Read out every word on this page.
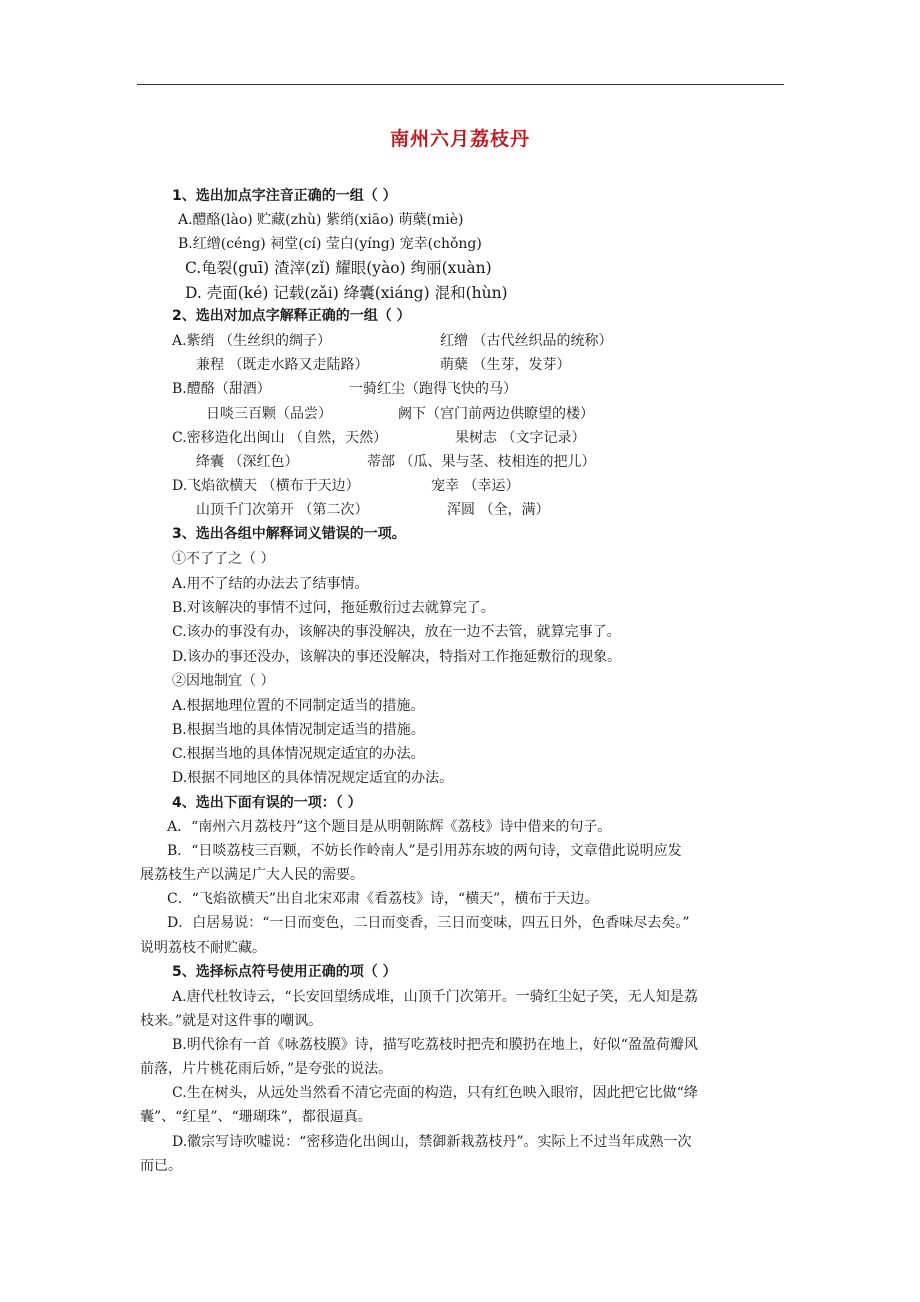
南州六月荔枝丹
1、选出加点字注音正确的一组（ ）
A.醴酪(lào) 贮藏(zhù) 紫绡(xiāo) 萌蘖(miè)
B.红缯(céng) 祠堂(cí) 莹白(yíng) 宠幸(chǒng)
C.龟裂(guī) 渣滓(zǐ) 耀眼(yào) 绚丽(xuàn)
D. 壳面(ké) 记载(zǎi) 绛囊(xiáng) 混和(hùn)
2、选出对加点字解释正确的一组（ ）
A.紫绡 （生丝织的绸子）	红缯 （古代丝织品的统称）
兼程 （既走水路又走陆路）	萌蘖 （生芽，发芽）
B.醴酪（甜酒）	一骑红尘（跑得飞快的马）
日啖三百颗（品尝）	阙下（宫门前两边供瞭望的楼）
C.密移造化出闽山 （自然，天然）	果树志 （文字记录）
绛囊 （深红色）	蒂部 （瓜、果与茎、枝相连的把儿）
D.飞焰欲横天 （横布于天边）	宠幸 （幸运）
山顶千门次第开 （第二次）	浑圆 （全，满）
3、选出各组中解释词义错误的一项。
①不了了之（ ）
A.用不了结的办法去了结事情。
B.对该解决的事情不过问，拖延敷衍过去就算完了。
C.该办的事没有办，该解决的事没解决，放在一边不去管，就算完事了。
D.该办的事还没办，该解决的事还没解决，特指对工作拖延敷衍的现象。
②因地制宜（ ）
A.根据地理位置的不同制定适当的措施。
B.根据当地的具体情况制定适当的措施。
C.根据当地的具体情况规定适宜的办法。
D.根据不同地区的具体情况规定适宜的办法。
4、选出下面有误的一项：（ ）
A．“南州六月荔枝丹”这个题目是从明朝陈辉《荔枝》诗中借来的句子。
B．“日啖荔枝三百颗，不妨长作岭南人”是引用苏东坡的两句诗，文章借此说明应发
展荔枝生产以满足广大人民的需要。
C．“飞焰欲横天”出自北宋邓肃《看荔枝》诗，“横天”，横布于天边。
D．白居易说：“一日而变色，二日而变香，三日而变味，四五日外，色香味尽去矣。”
说明荔枝不耐贮藏。
5、选择标点符号使用正确的项（ ）
A.唐代杜牧诗云，“长安回望绣成堆，山顶千门次第开。一骑红尘妃子笑，无人知是荔
枝来。”就是对这件事的嘲讽。
B.明代徐有一首《咏荔枝膜》诗，描写吃荔枝时把壳和膜扔在地上，好似“盈盈荷瓣风
前落，片片桃花雨后娇，”是夸张的说法。
C.生在树头，从远处当然看不清它壳面的构造，只有红色映入眼帘，因此把它比做“绛
囊”、“红星”、“珊瑚珠”，都很逼真。
D.徽宗写诗吹嘘说：“密移造化出闽山，禁御新栽荔枝丹”。实际上不过当年成熟一次
而已。
